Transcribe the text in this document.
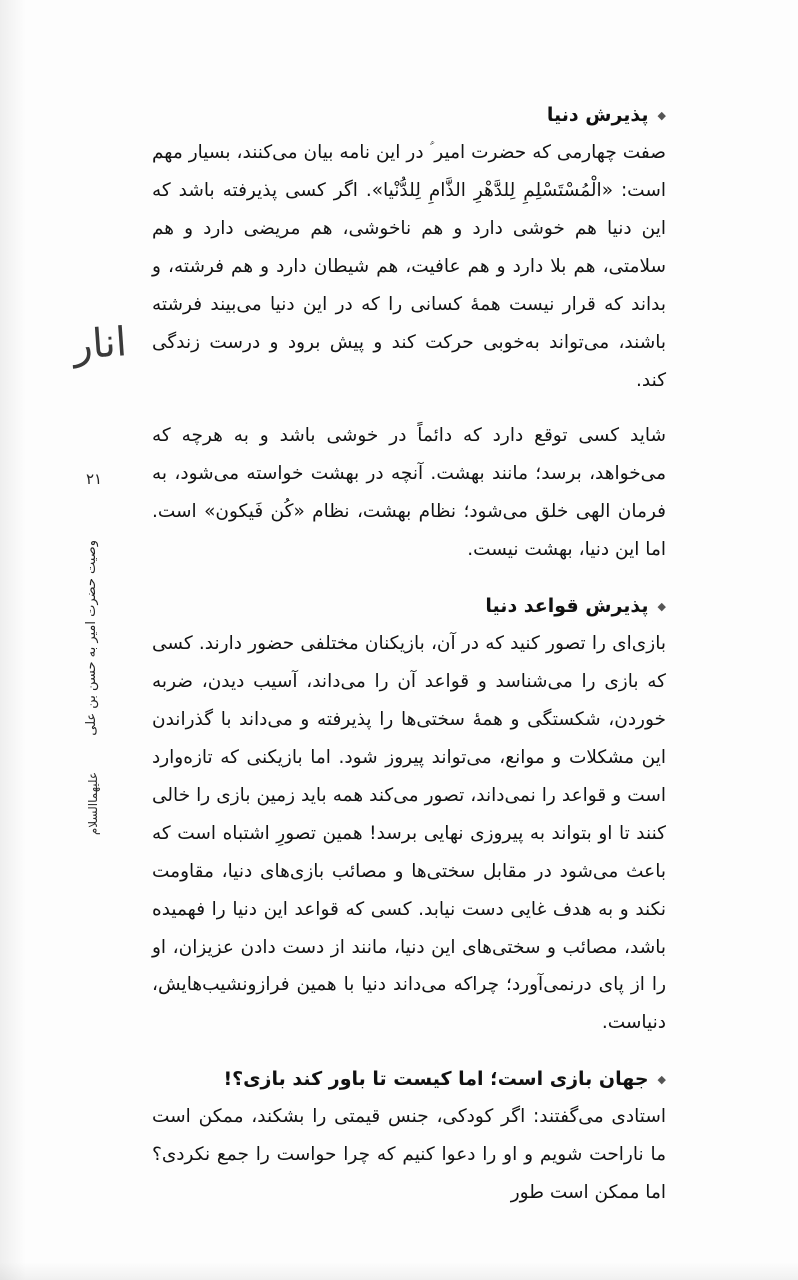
انار
۲۱
وصیت حضرت امیر به حسن بن علی
علیهماالسلام
◆
پذیرش دنیا

صفت چهارمی که حضرت امیر ؑ در این نامه بیان می‌کنند، بسیار مهم است: «الْمُسْتَسْلِمِ لِلدَّهْرِ الذَّامِ لِلدُّنْیا». اگر کسی پذیرفته باشد که این دنیا هم خوشی دارد و هم ناخوشی، هم مریضی دارد و هم سلامتی، هم بلا دارد و هم عافیت، هم شیطان دارد و هم فرشته، و بداند که قرار نیست همهٔ کسانی را که در این دنیا می‌بیند فرشته باشند، می‌تواند به‌خوبی حرکت کند و پیش برود و درست زندگی کند.

شاید کسی توقع دارد که دائماً در خوشی باشد و به هرچه که می‌خواهد، برسد؛ مانند بهشت. آنچه در بهشت خواسته می‌شود، به فرمان الهی خلق می‌شود؛ نظام بهشت، نظام «کُن فَیکون» است. اما این دنیا، بهشت نیست.

◆
پذیرش قواعد دنیا

بازی‌ای را تصور کنید که در آن، بازیکنان مختلفی حضور دارند. کسی که بازی را می‌شناسد و قواعد آن را می‌داند، آسیب دیدن، ضربه خوردن، شکستگی و همهٔ سختی‌ها را پذیرفته و می‌داند با گذراندن این مشکلات و موانع، می‌تواند پیروز شود. اما بازیکنی که تازه‌وارد است و قواعد را نمی‌داند، تصور می‌کند همه باید زمین بازی را خالی کنند تا او بتواند به پیروزی نهایی برسد! همین تصورِ اشتباه است که باعث می‌شود در مقابل سختی‌ها و مصائب بازی‌های دنیا، مقاومت نکند و به هدف غایی دست نیابد. کسی که قواعد این دنیا را فهمیده باشد، مصائب و سختی‌های این دنیا، مانند از دست دادن عزیزان، او را از پای درنمی‌آورد؛ چراکه می‌داند دنیا با همین فرازونشیب‌هایش، دنیاست.

◆
جهان بازی است؛ اما کیست تا باور کند بازی؟!

استادی می‌گفتند: اگر کودکی، جنس قیمتی را بشکند، ممکن است ما ناراحت شویم و او را دعوا کنیم که چرا حواست را جمع نکردی؟ اما ممکن است طور
